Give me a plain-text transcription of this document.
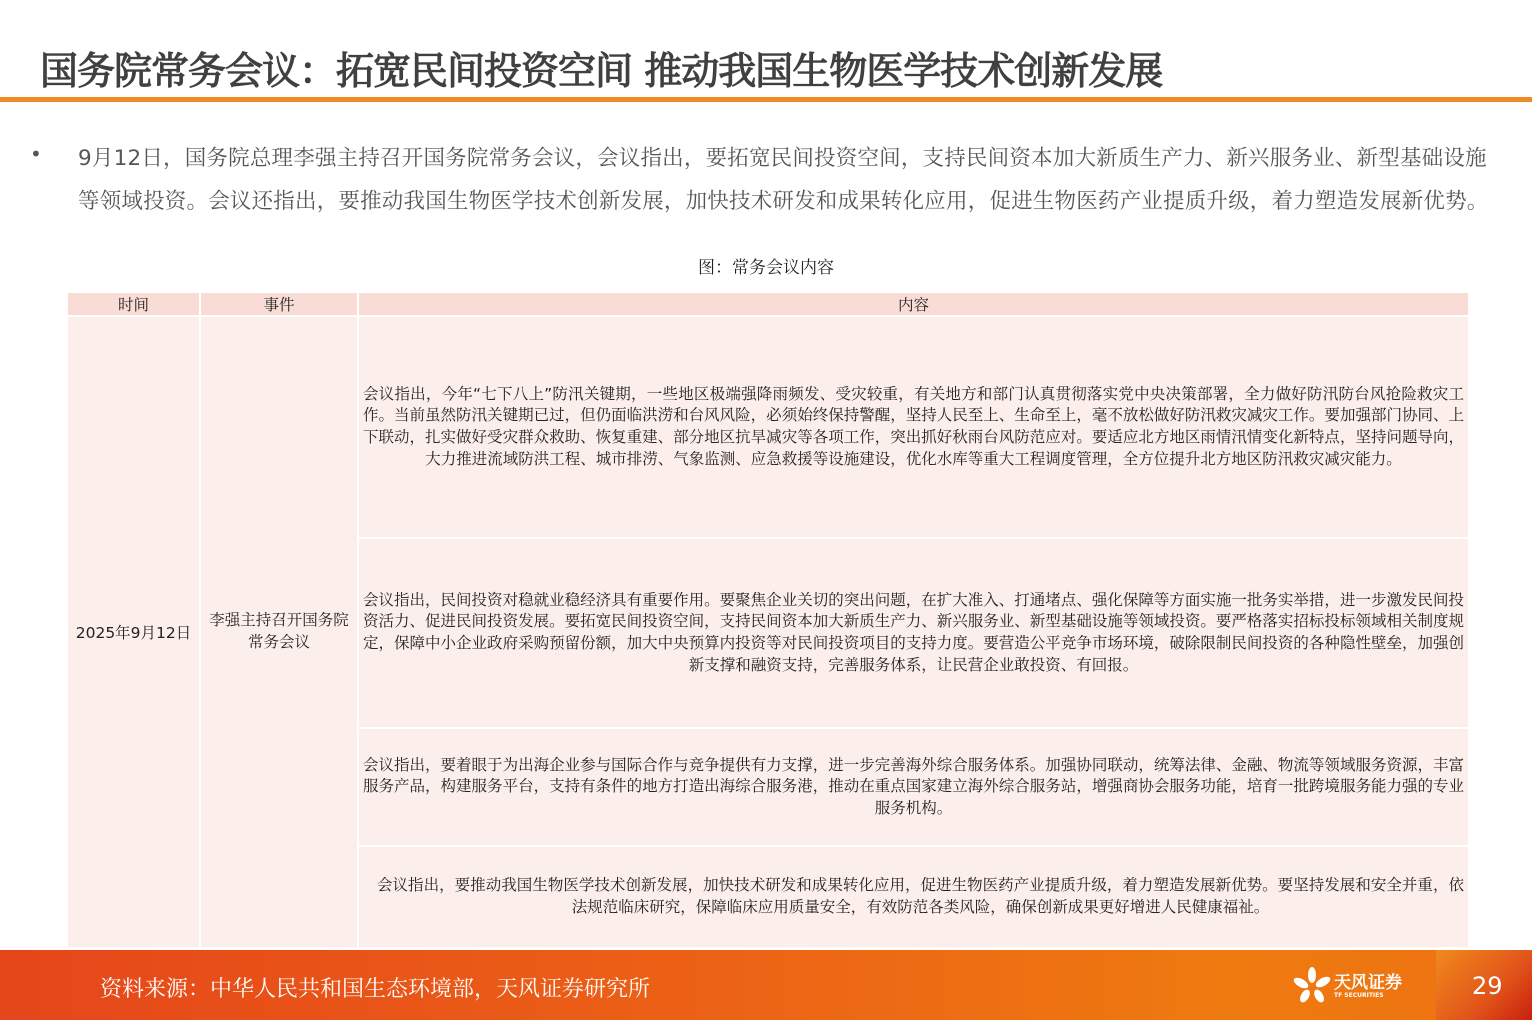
国务院常务会议：拓宽民间投资空间 推动我国生物医学技术创新发展
• 9月12日，国务院总理李强主持召开国务院常务会议，会议指出，要拓宽民间投资空间，支持民间资本加大新质生产力、新兴服务业、新型基础设施等领域投资。会议还指出，要推动我国生物医学技术创新发展，加快技术研发和成果转化应用，促进生物医药产业提质升级，着力塑造发展新优势。
图：常务会议内容
时间	事件	内容
2025年9月12日	李强主持召开国务院常务会议	会议指出，今年“七下八上”防汛关键期，一些地区极端强降雨频发、受灾较重，有关地方和部门认真贯彻落实党中央决策部署，全力做好防汛防台风抢险救灾工作。当前虽然防汛关键期已过，但仍面临洪涝和台风风险，必须始终保持警醒，坚持人民至上、生命至上，毫不放松做好防汛救灾减灾工作。要加强部门协同、上下联动，扎实做好受灾群众救助、恢复重建、部分地区抗旱减灾等各项工作，突出抓好秋雨台风防范应对。要适应北方地区雨情汛情变化新特点，坚持问题导向，大力推进流域防洪工程、城市排涝、气象监测、应急救援等设施建设，优化水库等重大工程调度管理，全方位提升北方地区防汛救灾减灾能力。
		会议指出，民间投资对稳就业稳经济具有重要作用。要聚焦企业关切的突出问题，在扩大准入、打通堵点、强化保障等方面实施一批务实举措，进一步激发民间投资活力、促进民间投资发展。要拓宽民间投资空间，支持民间资本加大新质生产力、新兴服务业、新型基础设施等领域投资。要严格落实招标投标领域相关制度规定，保障中小企业政府采购预留份额，加大中央预算内投资等对民间投资项目的支持力度。要营造公平竞争市场环境，破除限制民间投资的各种隐性壁垒，加强创新支撑和融资支持，完善服务体系，让民营企业敢投资、有回报。
		会议指出，要着眼于为出海企业参与国际合作与竞争提供有力支撑，进一步完善海外综合服务体系。加强协同联动，统筹法律、金融、物流等领域服务资源，丰富服务产品，构建服务平台，支持有条件的地方打造出海综合服务港，推动在重点国家建立海外综合服务站，增强商协会服务功能，培育一批跨境服务能力强的专业服务机构。
		会议指出，要推动我国生物医学技术创新发展，加快技术研发和成果转化应用，促进生物医药产业提质升级，着力塑造发展新优势。要坚持发展和安全并重，依法规范临床研究，保障临床应用质量安全，有效防范各类风险，确保创新成果更好增进人民健康福祉。
资料来源：中华人民共和国生态环境部，天风证券研究所	天风证券
TF SECURITIES	29
